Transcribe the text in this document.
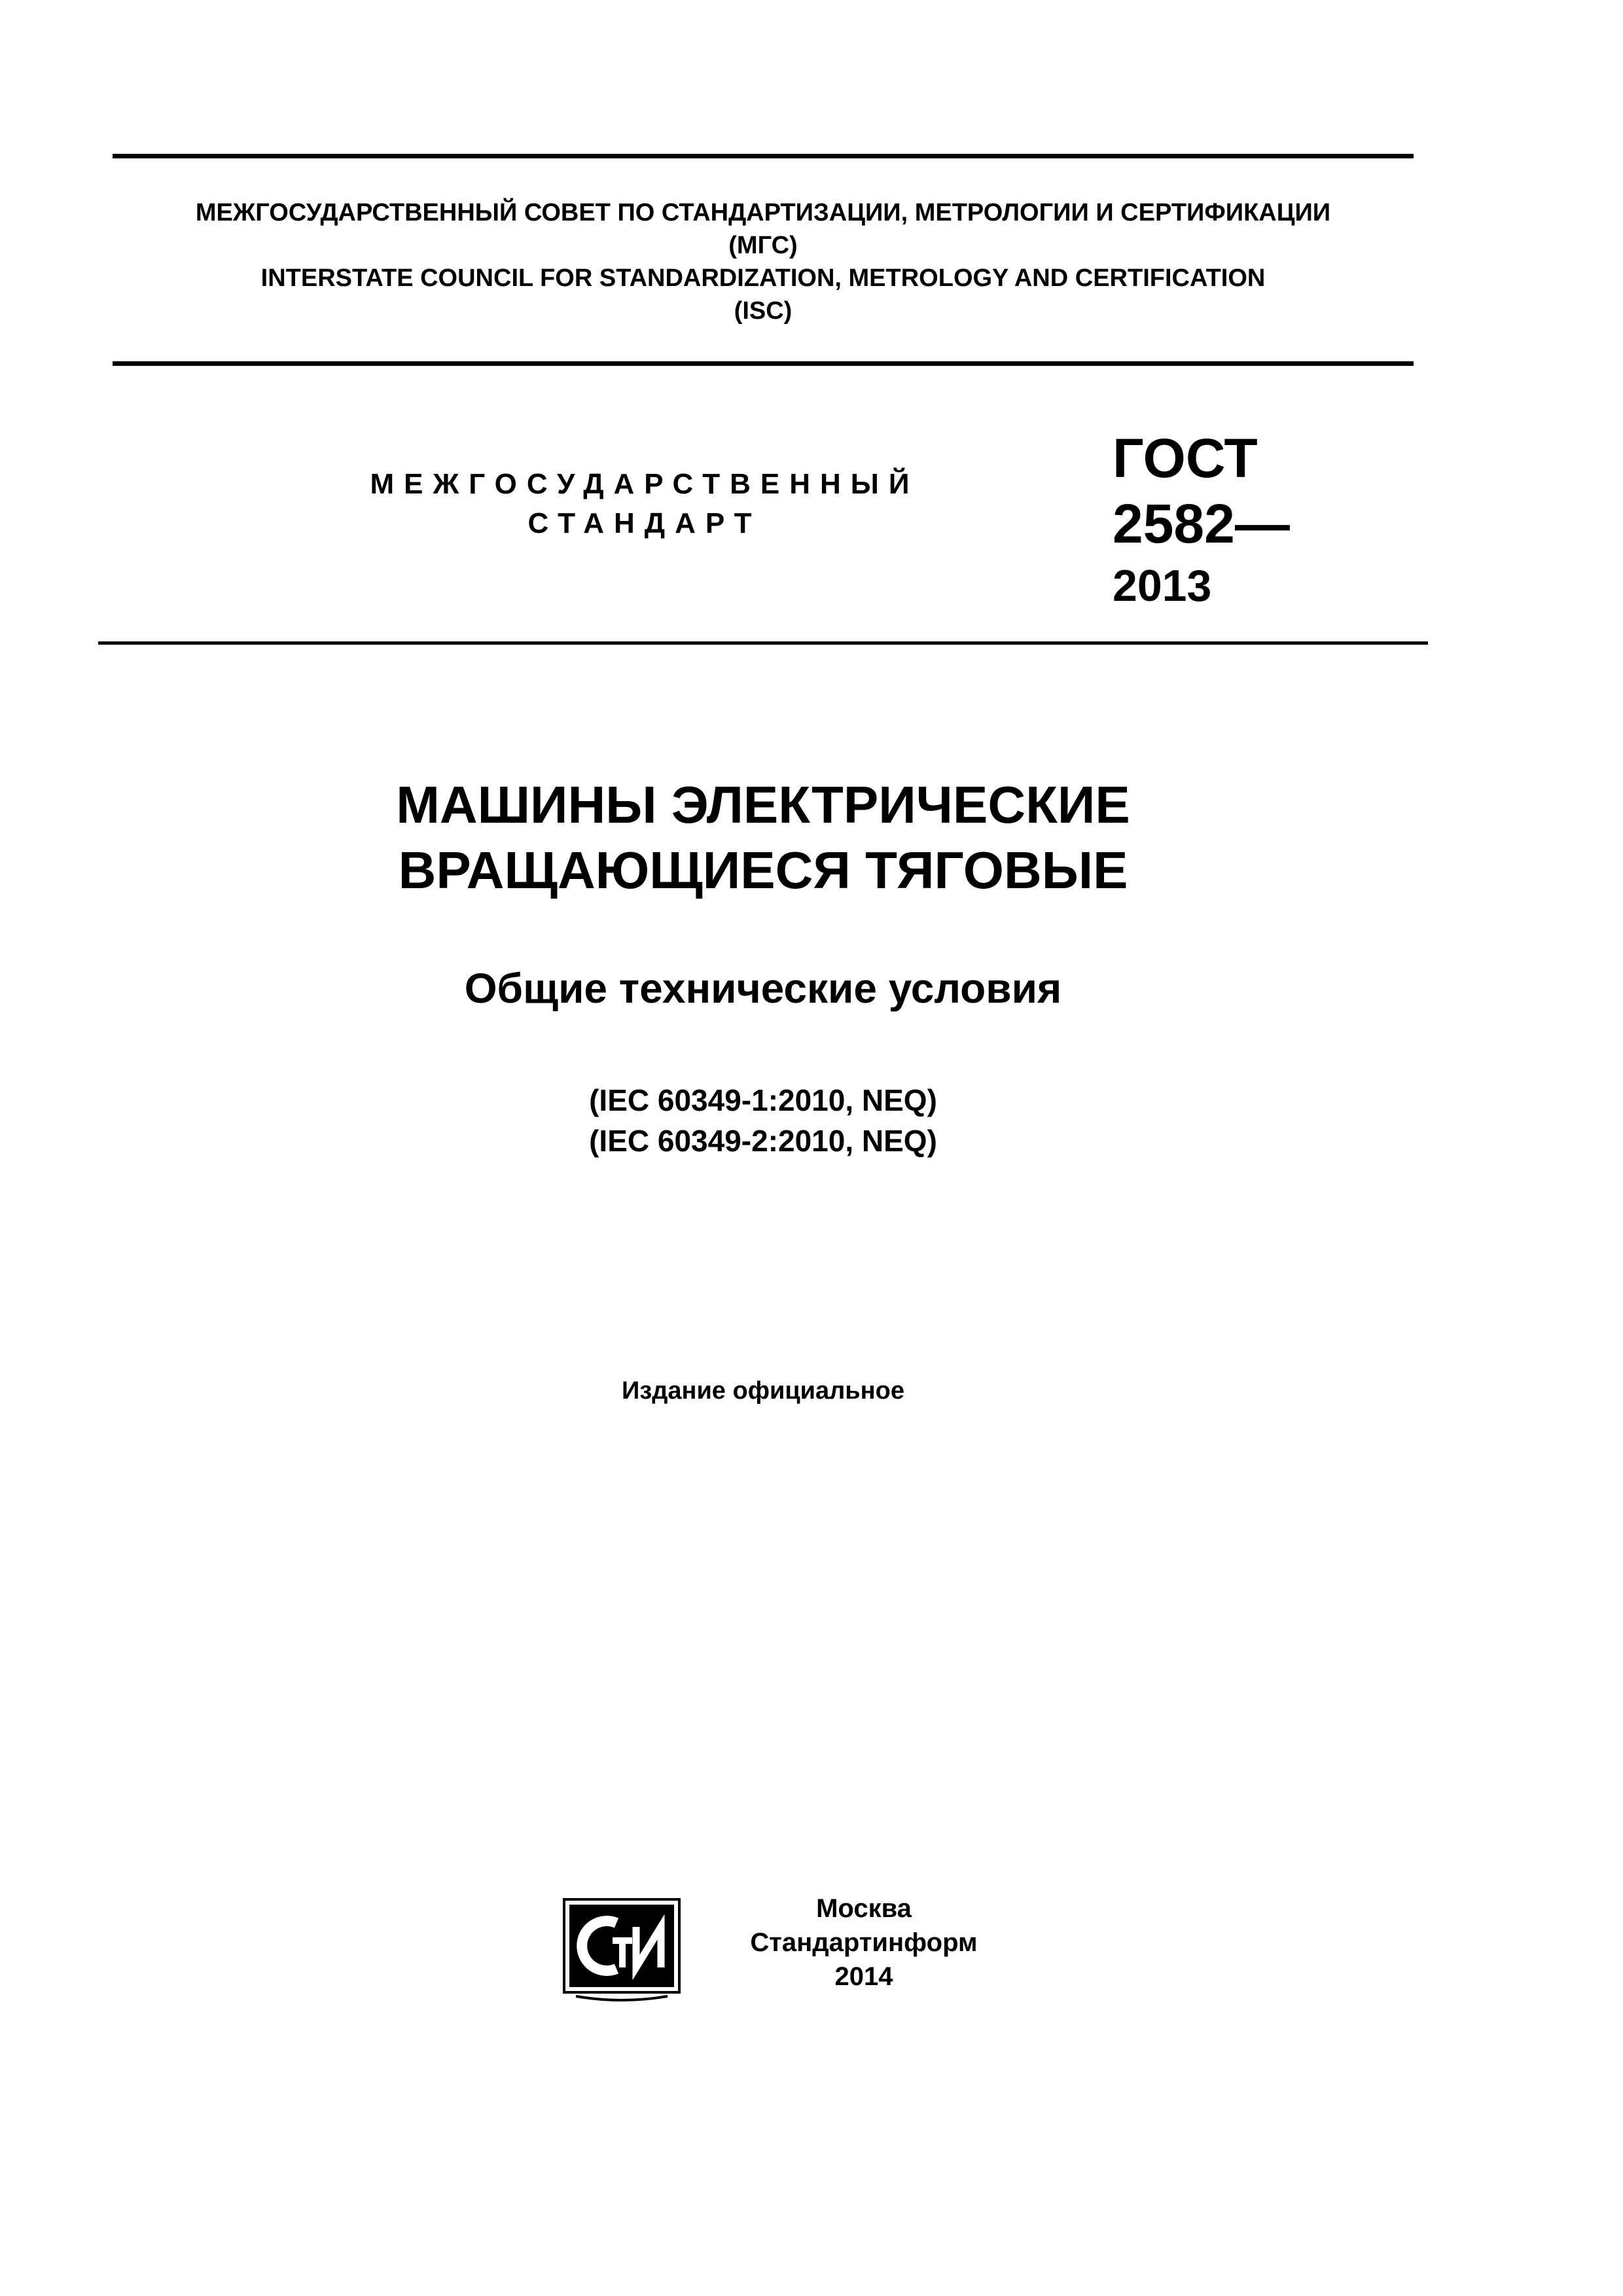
МЕЖГОСУДАРСТВЕННЫЙ СОВЕТ ПО СТАНДАРТИЗАЦИИ, МЕТРОЛОГИИ И СЕРТИФИКАЦИИ
(МГС)
INTERSTATE COUNCIL FOR STANDARDIZATION, METROLOGY AND CERTIFICATION
(ISC)
МЕЖГОСУДАРСТВЕННЫЙ
СТАНДАРТ
ГОСТ
2582—
2013
МАШИНЫ ЭЛЕКТРИЧЕСКИЕ
ВРАЩАЮЩИЕСЯ ТЯГОВЫЕ
Общие технические условия
(IEC 60349-1:2010, NEQ)
(IEC 60349-2:2010, NEQ)
Издание официальное
Москва
Стандартинформ
2014
